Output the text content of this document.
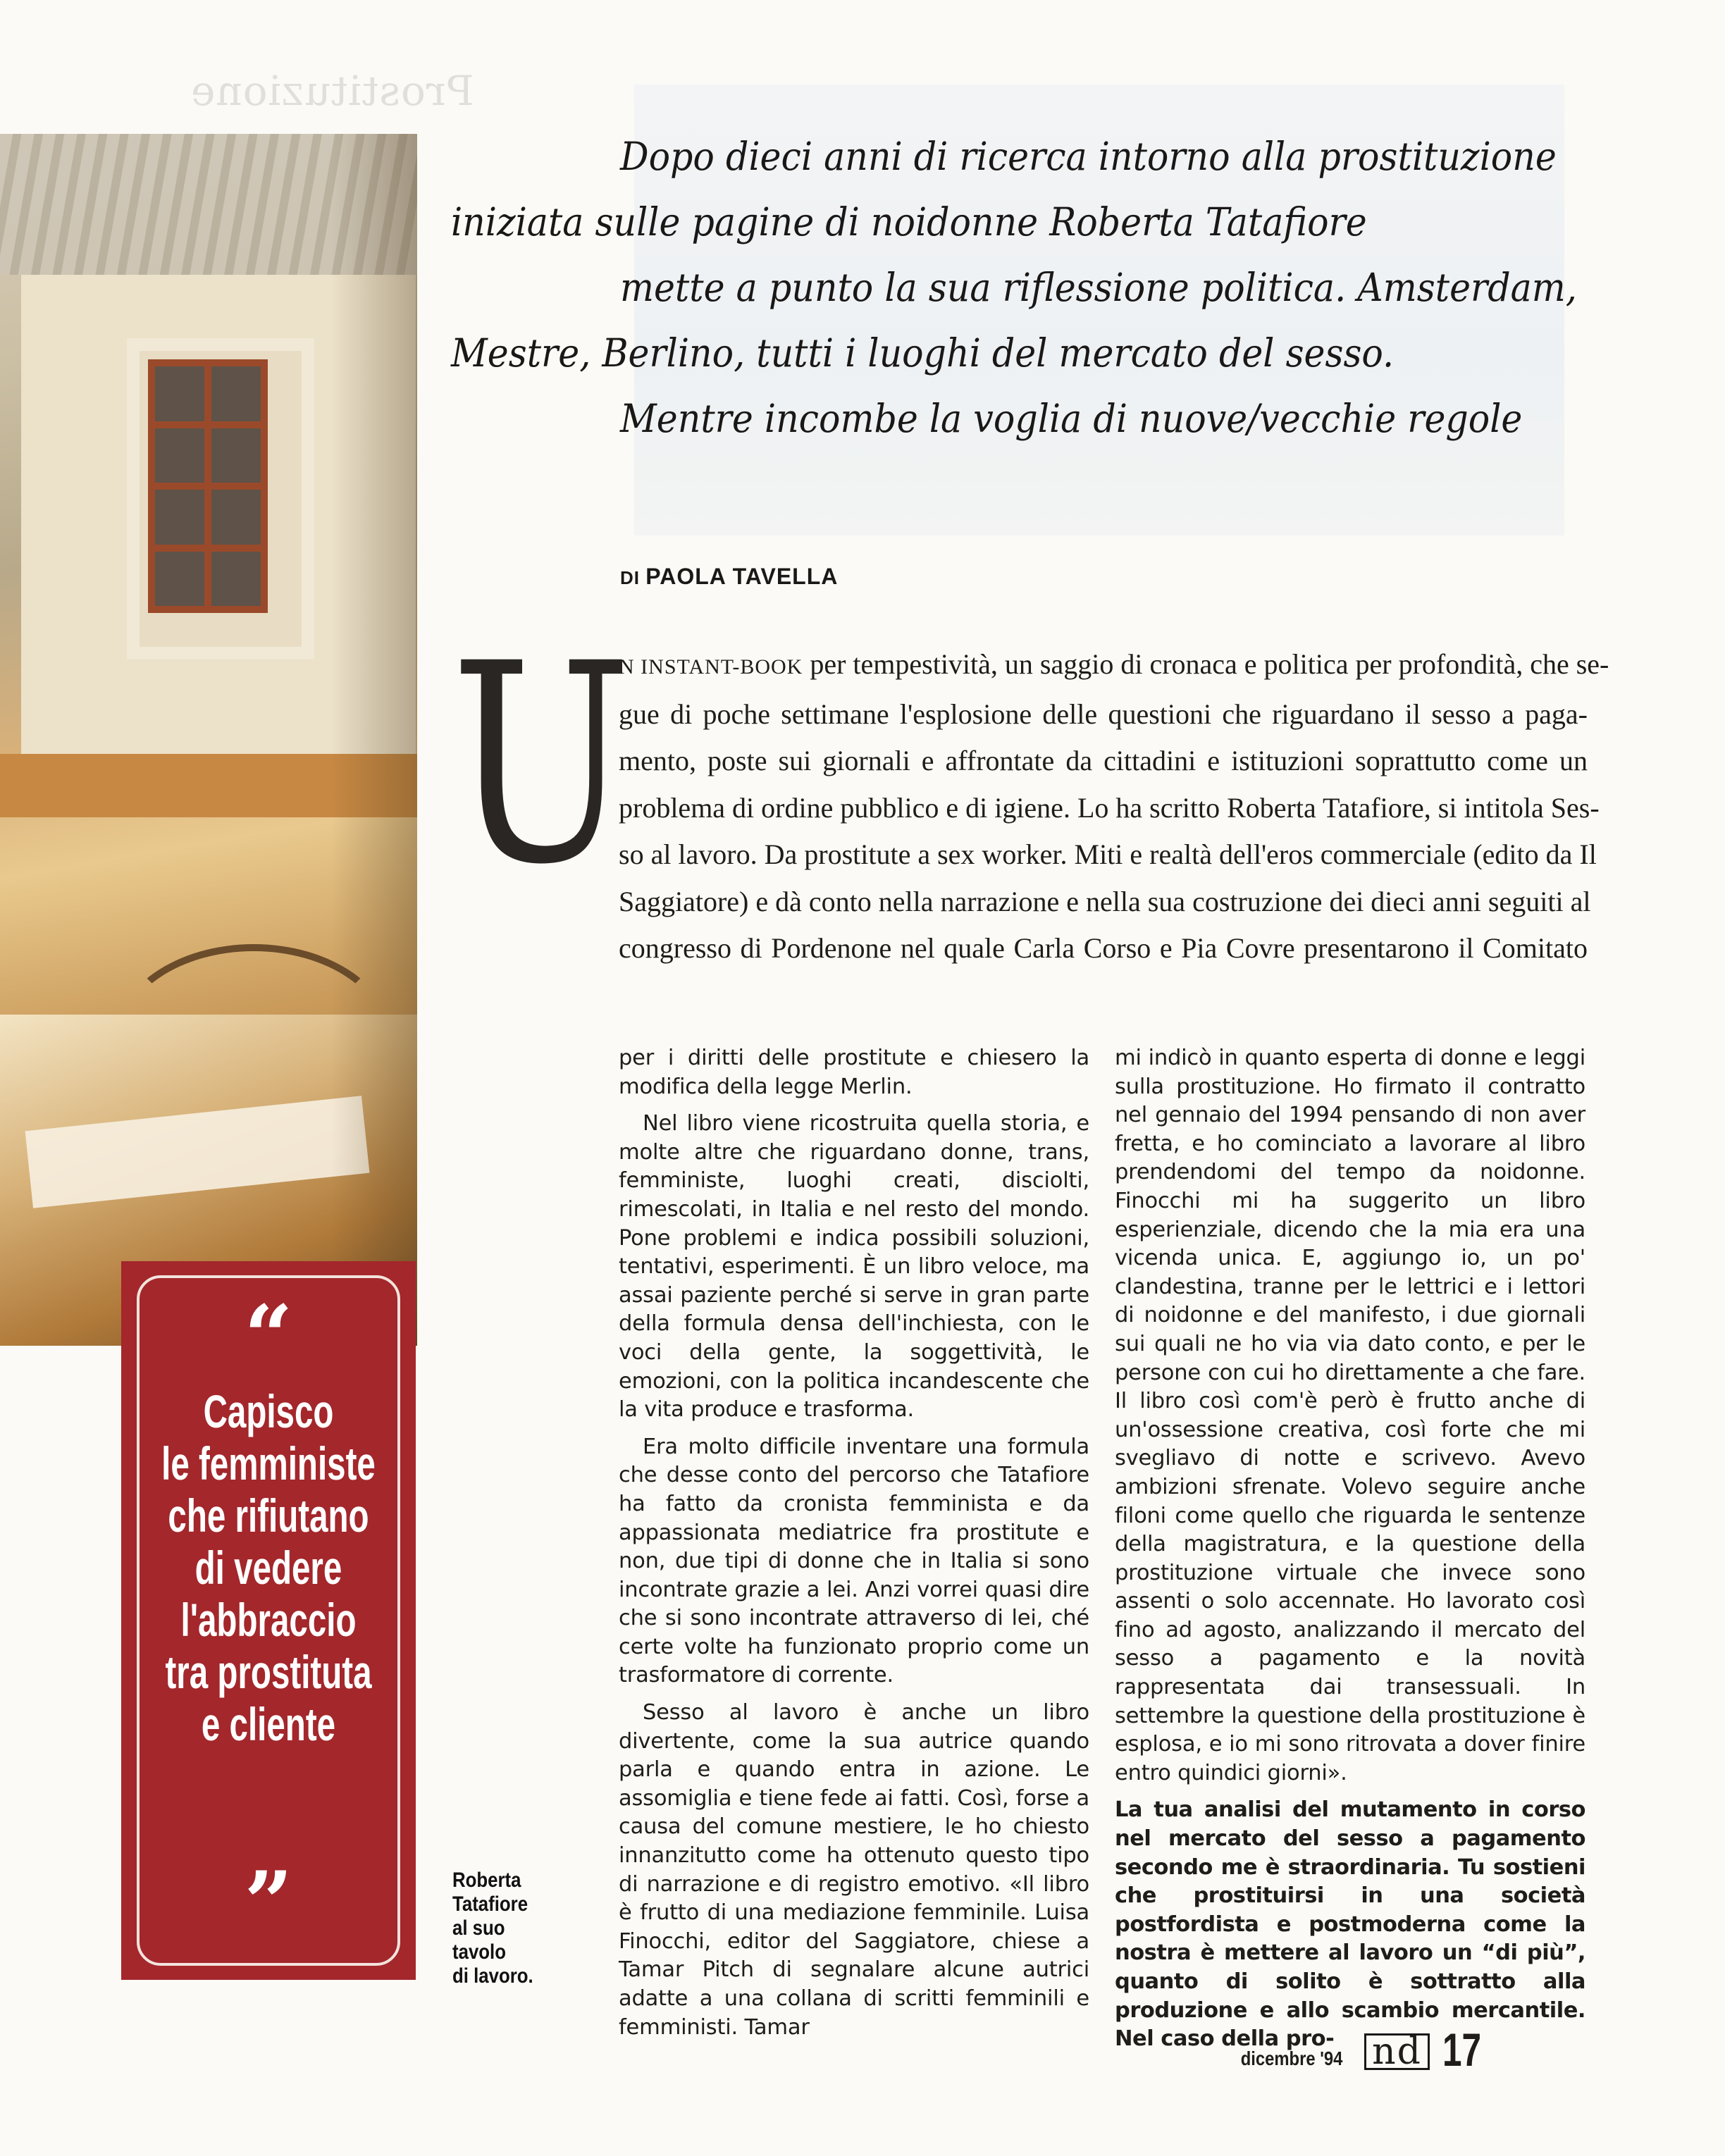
Prostituzione
Dopo dieci anni di ricerca intorno alla prostituzione
iniziata sulle pagine di noidonne Roberta Tatafiore
mette a punto la sua riflessione politica. Amsterdam,
Mestre, Berlino, tutti i luoghi del mercato del sesso.
Mentre incombe la voglia di nuove/vecchie regole
DI PAOLA TAVELLA
U
N INSTANT-BOOK per tempestività, un saggio di cronaca e politica per profondità, che se-
gue di poche settimane l'esplosione delle questioni che riguardano il sesso a paga-
mento, poste sui giornali e affrontate da cittadini e istituzioni soprattutto come un
problema di ordine pubblico e di igiene. Lo ha scritto Roberta Tatafiore, si intitola Ses-
so al lavoro. Da prostitute a sex worker. Miti e realtà dell'eros commerciale (edito da Il
Saggiatore) e dà conto nella narrazione e nella sua costruzione dei dieci anni seguiti al
congresso di Pordenone nel quale Carla Corso e Pia Covre presentarono il Comitato

per i diritti delle prostitute e chiesero la modifica della legge Merlin.

Nel libro viene ricostruita quella storia, e molte altre che riguardano donne, trans, femministe, luoghi creati, disciolti, rimescolati, in Italia e nel resto del mondo. Pone problemi e indica possibili soluzioni, tentativi, esperimenti. È un libro veloce, ma assai paziente perché si serve in gran parte della formula densa dell'inchiesta, con le voci della gente, la soggettività, le emozioni, con la politica incandescente che la vita produce e trasforma.

Era molto difficile inventare una formula che desse conto del percorso che Tatafiore ha fatto da cronista femminista e da appassionata mediatrice fra prostitute e non, due tipi di donne che in Italia si sono incontrate grazie a lei. Anzi vorrei quasi dire che si sono incontrate attraverso di lei, ché certe volte ha funzionato proprio come un trasformatore di corrente.

Sesso al lavoro è anche un libro divertente, come la sua autrice quando parla e quando entra in azione. Le assomiglia e tiene fede ai fatti. Così, forse a causa del comune mestiere, le ho chiesto innanzitutto come ha ottenuto questo tipo di narrazione e di registro emotivo. «Il libro è frutto di una mediazione femminile. Luisa Finocchi, editor del Saggiatore, chiese a Tamar Pitch di segnalare alcune autrici adatte a una collana di scritti femminili e femministi. Tamar

mi indicò in quanto esperta di donne e leggi sulla prostituzione. Ho firmato il contratto nel gennaio del 1994 pensando di non aver fretta, e ho cominciato a lavorare al libro prendendomi del tempo da noidonne. Finocchi mi ha suggerito un libro esperienziale, dicendo che la mia era una vicenda unica. E, aggiungo io, un po' clandestina, tranne per le lettrici e i lettori di noidonne e del manifesto, i due giornali sui quali ne ho via via dato conto, e per le persone con cui ho direttamente a che fare. Il libro così com'è però è frutto anche di un'ossessione creativa, così forte che mi svegliavo di notte e scrivevo. Avevo ambizioni sfrenate. Volevo seguire anche filoni come quello che riguarda le sentenze della magistratura, e la questione della prostituzione virtuale che invece sono assenti o solo accennate. Ho lavorato così fino ad agosto, analizzando il mercato del sesso a pagamento e la novità rappresentata dai transessuali. In settembre la questione della prostituzione è esplosa, e io mi sono ritrovata a dover finire entro quindici giorni».

La tua analisi del mutamento in corso nel mercato del sesso a pagamento secondo me è straordinaria. Tu sostieni che prostituirsi in una società postfordista e postmoderna come la nostra è mettere al lavoro un “di più”, quanto di solito è sottratto alla produzione e allo scambio mercantile. Nel caso della pro-

“
Capisco
le femministe
che rifiutano
di vedere
l'abbraccio
tra prostituta
e cliente
”	Roberta
Tatafiore
al suo tavolo
di lavoro.
dicembre '94 nd 17
